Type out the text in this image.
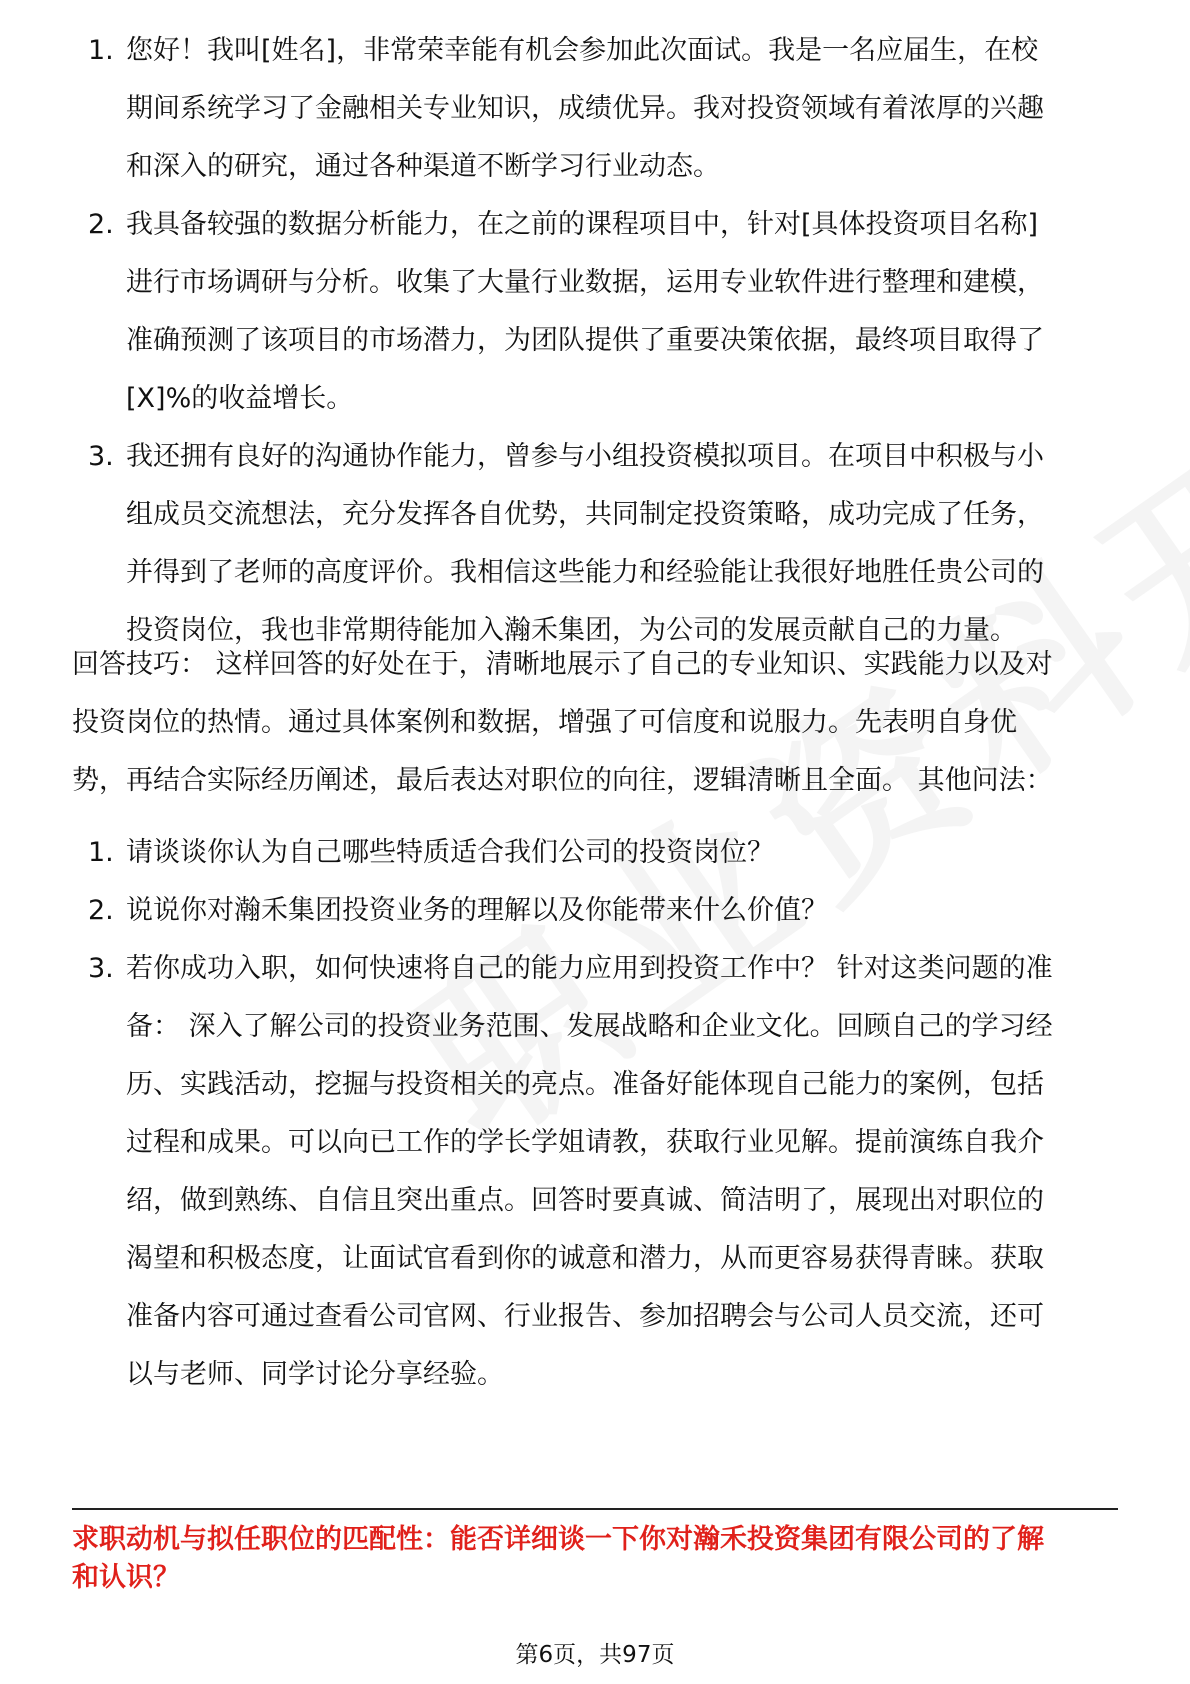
1. 您好！我叫[姓名]，非常荣幸能有机会参加此次面试。我是一名应届生，在校
期间系统学习了金融相关专业知识，成绩优异。我对投资领域有着浓厚的兴趣
和深入的研究，通过各种渠道不断学习行业动态。
2. 我具备较强的数据分析能力，在之前的课程项目中，针对[具体投资项目名称]
进行市场调研与分析。收集了大量行业数据，运用专业软件进行整理和建模，
准确预测了该项目的市场潜力，为团队提供了重要决策依据，最终项目取得了
[X]%的收益增长。
3. 我还拥有良好的沟通协作能力，曾参与小组投资模拟项目。在项目中积极与小
组成员交流想法，充分发挥各自优势，共同制定投资策略，成功完成了任务，
并得到了老师的高度评价。我相信这些能力和经验能让我很好地胜任贵公司的
投资岗位，我也非常期待能加入瀚禾集团，为公司的发展贡献自己的力量。
回答技巧： 这样回答的好处在于，清晰地展示了自己的专业知识、实践能力以及对
投资岗位的热情。通过具体案例和数据，增强了可信度和说服力。先表明自身优
势，再结合实际经历阐述，最后表达对职位的向往，逻辑清晰且全面。 其他问法：
1. 请谈谈你认为自己哪些特质适合我们公司的投资岗位？
2. 说说你对瀚禾集团投资业务的理解以及你能带来什么价值？
3. 若你成功入职，如何快速将自己的能力应用到投资工作中？ 针对这类问题的准
备： 深入了解公司的投资业务范围、发展战略和企业文化。回顾自己的学习经
历、实践活动，挖掘与投资相关的亮点。准备好能体现自己能力的案例，包括
过程和成果。可以向已工作的学长学姐请教，获取行业见解。提前演练自我介
绍，做到熟练、自信且突出重点。回答时要真诚、简洁明了，展现出对职位的
渴望和积极态度，让面试官看到你的诚意和潜力，从而更容易获得青睐。获取
准备内容可通过查看公司官网、行业报告、参加招聘会与公司人员交流，还可
以与老师、同学讨论分享经验。
求职动机与拟任职位的匹配性：能否详细谈一下你对瀚禾投资集团有限公司的了解
和认识？
第6页，共97页
